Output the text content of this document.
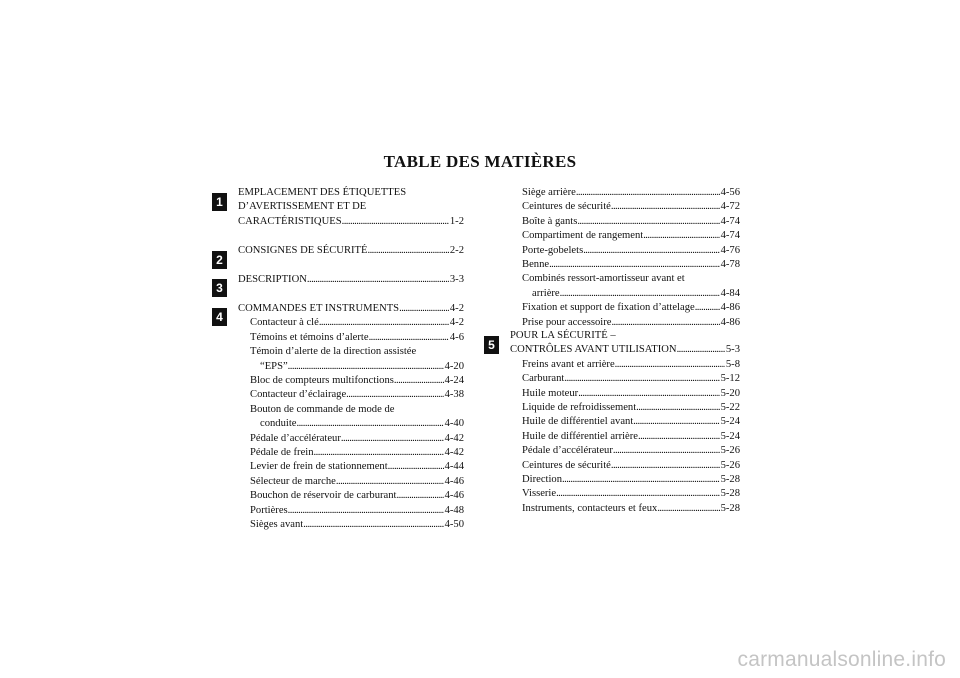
TABLE DES MATIÈRES
1
EMPLACEMENT DES ÉTIQUETTES
D’AVERTISSEMENT ET DE
CARACTÉRISTIQUES . . .	1-2
2
CONSIGNES DE SÉCURITÉ . . .	2-2
3
DESCRIPTION . . .	3-3
4
COMMANDES ET INSTRUMENTS . . .	4-2
Contacteur à clé . . .	4-2
Témoins et témoins d’alerte . . .	4-6
Témoin d’alerte de la direction assistée
“EPS” . . .	4-20
Bloc de compteurs multifonctions . . .	4-24
Contacteur d’éclairage . . .	4-38
Bouton de commande de mode de
conduite . . .	4-40
Pédale d’accélérateur . . .	4-42
Pédale de frein . . .	4-42
Levier de frein de stationnement . . .	4-44
Sélecteur de marche . . .	4-46
Bouchon de réservoir de carburant . . .	4-46
Portières . . .	4-48
Sièges avant . . .	4-50
Siège arrière . . .	4-56
Ceintures de sécurité . . .	4-72
Boîte à gants . . .	4-74
Compartiment de rangement . . .	4-74
Porte-gobelets . . .	4-76
Benne . . .	4-78
Combinés ressort-amortisseur avant et
arrière . . .	4-84
Fixation et support de fixation d’attelage . . . 4-86
Prise pour accessoire . . .	4-86
5
POUR LA SÉCURITÉ –
CONTRÔLES AVANT UTILISATION . . .	5-3
Freins avant et arrière . . .	5-8
Carburant . . .	5-12
Huile moteur . . .	5-20
Liquide de refroidissement . . .	5-22
Huile de différentiel avant . . .	5-24
Huile de différentiel arrière . . .	5-24
Pédale d’accélérateur . . .	5-26
Ceintures de sécurité . . .	5-26
Direction . . .	5-28
Visserie . . .	5-28
Instruments, contacteurs et feux . . .	5-28
carmanualsonline.info
